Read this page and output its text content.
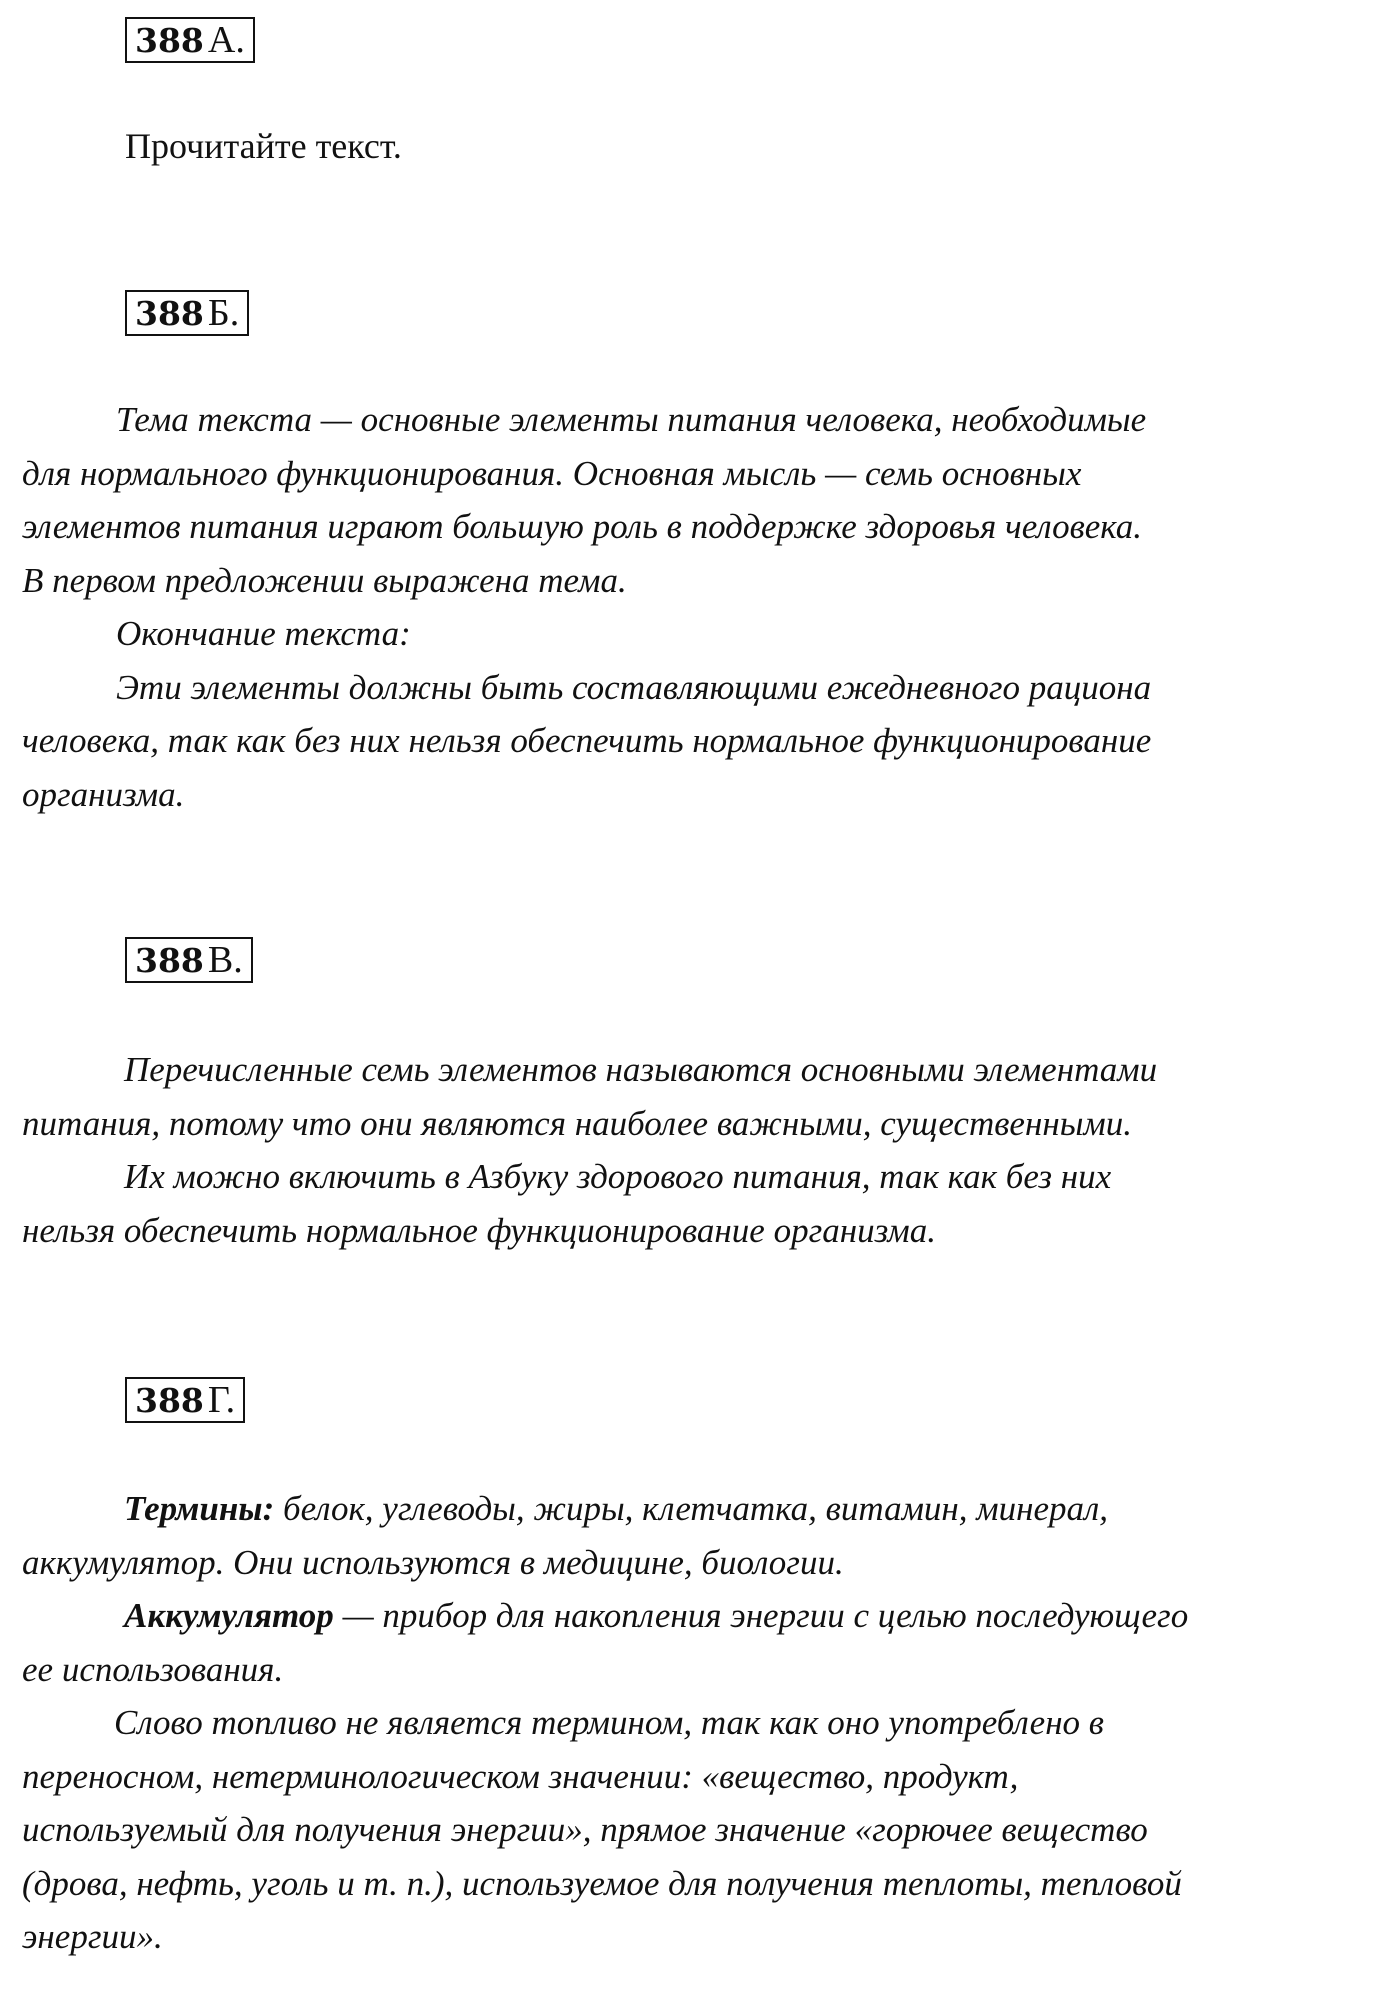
388 А.
Прочитайте текст.
388 Б.
Тема текста — основные элементы питания человека, необходимые
для нормального функционирования. Основная мысль — семь основных
элементов питания играют большую роль в поддержке здоровья человека.
В первом предложении выражена тема.
Окончание текста:
Эти элементы должны быть составляющими ежедневного рациона
человека, так как без них нельзя обеспечить нормальное функционирование
организма.
388 В.
Перечисленные семь элементов называются основными элементами
питания, потому что они являются наиболее важными, существенными.
Их можно включить в Азбуку здорового питания, так как без них
нельзя обеспечить нормальное функционирование организма.
388 Г.
Термины: белок, углеводы, жиры, клетчатка, витамин, минерал,
аккумулятор. Они используются в медицине, биологии.
Аккумулятор — прибор для накопления энергии с целью последующего
ее использования.
Слово топливо не является термином, так как оно употреблено в
переносном, нетерминологическом значении: «вещество, продукт,
используемый для получения энергии», прямое значение «горючее вещество
(дрова, нефть, уголь и т. п.), используемое для получения теплоты, тепловой
энергии».
